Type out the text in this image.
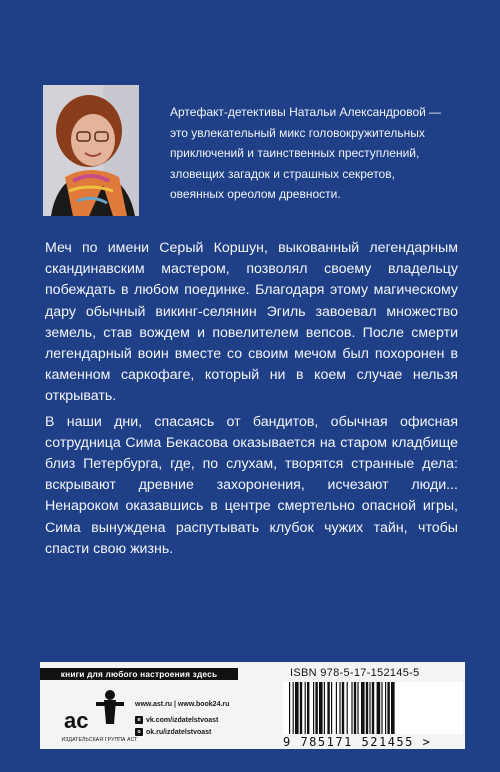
Артефакт-детективы Натальи Александровой —
это увлекательный микс головокружительных
приключений и таинственных преступлений,
зловещих загадок и страшных секретов,
овеянных ореолом древности.

Меч по имени Серый Коршун, выкованный легендарным скандинавским мастером, позволял своему владельцу побеждать в любом поединке. Благодаря этому магическому дару обычный викинг-селянин Эгиль завоевал множество земель, став вождем и повелителем вепсов. После смерти легендарный воин вместе со своим мечом был похоронен в каменном саркофаге, который ни в коем случае нельзя открывать.

В наши дни, спасаясь от бандитов, обычная офисная сотрудница Сима Бекасова оказывается на старом кладбище близ Петербурга, где, по слухам, творятся странные дела: вскрывают древние захоронения, исчезают люди... Ненароком оказавшись в центре смертельно опасной игры, Сима вынуждена распутывать клубок чужих тайн, чтобы спасти свою жизнь.

книги для любого настроения здесь
ac
ИЗДАТЕЛЬСКАЯ ГРУППА АСТ
www.ast.ru | www.book24.ru
в vk.com/izdatelstvoast
o ok.ru/izdatelstvoast
ISBN 978-5-17-152145-5
9 785171 521455 >
